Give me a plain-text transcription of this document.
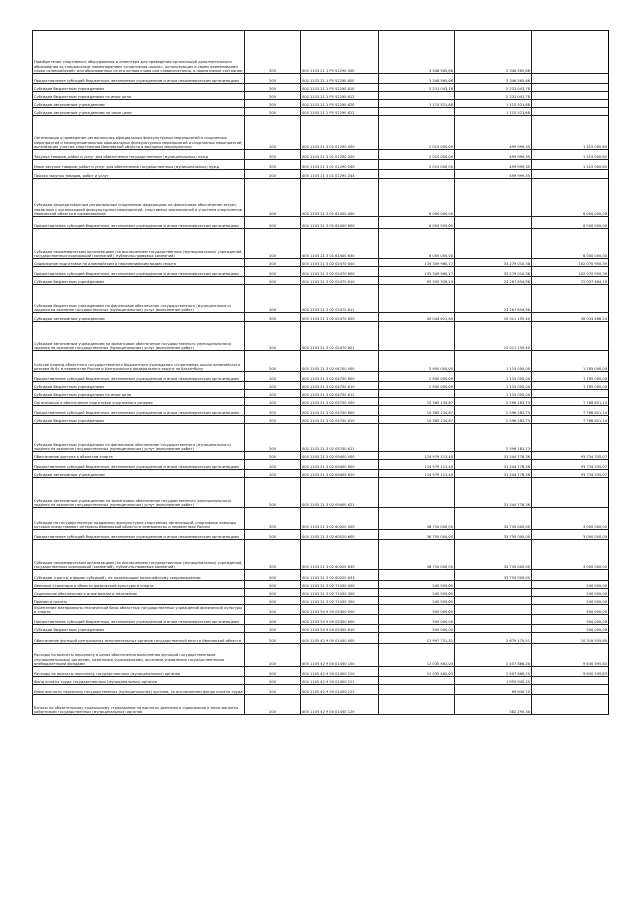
Приобретение спортивного оборудования и инвентаря для приведения организаций дополнительного образования со специальным наименованием «спортивная школа», использующих в своем наименовании слово «олимпийский» или образованных на его основе слова или словосочетания, в нормативное состояние	200	000 1103 21 1 P5 52290 000	3 346 565,66	2 346 565,66	
Предоставление субсидий бюджетным, автономным учреждениям и иным некоммерческим организациям	200	000 1103 21 1 P5 52290 600	3 346 565,66	3 346 565,66	
Субсидии бюджетным учреждениям	200	000 1103 21 1 P5 52290 610	2 231 043,78	2 231 043,78	
Субсидии бюджетным учреждениям на иные цели	200	000 1103 21 1 P5 52290 612		2 231 043,78	
Субсидии автономным учреждениям	200	000 1103 21 1 P5 52290 620	1 115 521,88	1 115 521,88	
Субсидии автономным учреждениям на иные цели	200	000 1103 21 1 P5 52290 622		1 115 521,88	
Организация и проведение региональных официальных физкультурных мероприятий и спортивных мероприятий и межмуниципальных официальных физкультурных мероприятий и спортивных мероприятий, организация участия спортсменов Ивановской области в выездных мероприятиях	200	000 1103 21 3 01 01290 000	2 015 000,00	499 999,35	1 515 000,65
Закупка товаров, работ и услуг для обеспечения государственных (муниципальных) нужд	200	000 1103 21 3 01 01290 200	2 015 000,00	499 999,35	1 515 000,65
Иные закупки товаров, работ и услуг для обеспечения государственных (муниципальных) нужд	200	000 1103 21 3 01 01290 240	2 015 000,00	499 999,35	1 515 000,65
Прочая закупка товаров, работ и услуг	200	000 1103 21 3 01 01290 244		499 999,35	
Субсидии аккредитованным региональным спортивным федерациям на финансовое обеспечение затрат, связанных с организацией физкультурных мероприятий, спортивных мероприятий и участием спортсменов Ивановской области в соревнованиях	200	000 1103 21 3 01 61400 000	8 000 000,00		8 000 000,00
Предоставление субсидий бюджетным, автономным учреждениям и иным некоммерческим организациям	200	000 1103 21 3 01 61400 600	8 000 000,00		8 000 000,00
Субсидии некоммерческим организациям (за исключением государственных (муниципальных) учреждений, государственных корпораций (компаний), публично-правовых компаний)	200	000 1103 21 3 01 61400 630	8 000 000,00		8 000 000,00
Содержание подготовки по олимпийским и неолимпийским видам спорта	200	000 1103 21 3 02 02470 000	135 349 960,77	33 279 010,38	102 070 950,39
Предоставление субсидий бюджетным, автономным учреждениям и иным некоммерческим организациям	200	000 1103 21 3 02 02470 600	135 349 960,77	33 279 010,38	102 070 950,39
Субсидии бюджетным учреждениям	200	000 1103 21 3 02 02470 610	95 305 339,13	23 267 854,98	72 037 484,15
Субсидии бюджетным учреждениям на финансовое обеспечение государственного (муниципального) задания на оказание государственных (муниципальных) услуг (выполнение работ)	200	000 1103 21 3 02 02470 611		23 267 854,98	
Субсидии автономным учреждениям	200	000 1103 21 3 02 02470 620	40 044 621,64	10 011 155,40	30 033 466,24
Субсидии автономным учреждениям на финансовое обеспечение государственного (муниципального) задания на оказание государственных (муниципальных) услуг (выполнение работ)	200	000 1103 21 3 02 02470 621		10 011 155,40	
Участие команд областного государственного бюджетного учреждения «Спортивная школа олимпийского резерва № 6» в первенстве России и Центрального федерального округа по баскетболу	200	000 1103 21 3 02 04700 000	2 900 000,00	1 115 000,00	1 785 000,00
Предоставление субсидий бюджетным, автономным учреждениям и иным некоммерческим организациям	200	000 1103 21 3 02 04700 600	2 900 000,00	1 115 000,00	1 785 000,00
Субсидии бюджетным учреждениям	200	000 1103 21 3 02 04700 610	2 900 000,00	1 115 000,00	1 785 000,00
Субсидии бюджетным учреждениям на иные цели	200	000 1103 21 3 02 04700 612		1 115 000,00	
Организация и обеспечение подготовки спортивного резерва	200	000 1103 21 3 02 05700 000	10 365 134,87	2 596 283,73	7 768 851,14
Предоставление субсидий бюджетным, автономным учреждениям и иным некоммерческим организациям	200	000 1103 21 3 02 05700 600	10 365 134,87	2 596 283,73	7 768 851,14
Субсидии бюджетным учреждениям	200	000 1103 21 3 02 05700 610	10 365 134,87	2 596 283,73	7 768 851,14
Субсидии бюджетным учреждениям на финансовое обеспечение государственного (муниципального) задания на оказание государственных (муниципальных) услуг (выполнение работ)	200	000 1103 21 3 02 05700 611		2 596 283,73	
Обеспечение доступа к объектам спорта	200	000 1103 21 3 02 09400 000	124 979 113,40	31 244 778,36	93 734 335,07
Предоставление субсидий бюджетным, автономным учреждениям и иным некоммерческим организациям	200	000 1103 21 3 02 09400 600	124 979 113,40	31 244 778,36	93 734 335,07
Субсидии автономным учреждениям	200	000 1103 21 3 02 09400 620	124 979 113,40	31 244 778,36	93 734 335,07
Субсидии автономным учреждениям на финансовое обеспечение государственного (муниципального) задания на оказание государственных (муниципальных) услуг (выполнение работ)	200	000 1103 21 3 02 09400 621		31 244 778,36	
Субсидии на государственную поддержку физкультурно-спортивных организаций, спортивные команды которых представляют интересы Ивановской области в чемпионатах и первенствах России	200	000 1103 21 3 02 60020 000	36 750 000,00	33 750 000,00	3 000 000,00
Предоставление субсидий бюджетным, автономным учреждениям и иным некоммерческим организациям	200	000 1103 21 3 02 60020 600	36 750 000,00	33 750 000,00	3 000 000,00
Субсидии некоммерческим организациям (за исключением государственных (муниципальных) учреждений, государственных корпораций (компаний), публично-правовых компаний)	200	000 1103 21 3 02 60020 630	36 750 000,00	33 750 000,00	3 000 000,00
Субсидии (гранты в форме субсидий), не подлежащие казначейскому сопровождению	200	000 1103 21 3 02 60020 633		33 750 000,00	
Именные стипендии в области физической культуры и спорта	200	000 1103 21 3 02 71030 000	240 000,00		240 000,00
Социальное обеспечение и иные выплаты населению	200	000 1103 21 3 02 71030 300	240 000,00		240 000,00
Премии и гранты	200	000 1103 21 3 02 71030 350	240 000,00		240 000,00
Укрепление материально-технической базы областных государственных учреждений физической культуры и спорта	200	000 1103 50 9 00 05300 000	500 000,00		500 000,00
Предоставление субсидий бюджетным, автономным учреждениям и иным некоммерческим организациям	200	000 1103 50 9 00 05300 600	500 000,00		500 000,00
Субсидии бюджетным учреждениям	200	000 1103 50 9 00 05300 610	500 000,00		500 000,00
Обеспечение функций центральных исполнительных органов государственной власти Ивановской области	200	000 1105 42 9 00 01450 000	12 997 731,31	2 679 175,51	10 318 555,80
Расходы на выплаты персоналу в целях обеспечения выполнения функций государственными (муниципальными) органами, казенными учреждениями, органами управления государственными внебюджетными фондами	200	000 1105 42 9 00 01450 100	12 035 462,03	2 407 866,20	9 630 595,83
Расходы на выплаты персоналу государственных (муниципальных) органов	200	000 1105 42 9 00 01450 120	12 035 462,03	2 407 866,20	9 630 595,83
Фонд оплаты труда государственных (муниципальных) органов	200	000 1105 42 9 00 01450 121		1 955 940,20	
Иные выплаты персоналу государственных (муниципальных) органов, за исключением фонда оплаты труда	200	000 1105 42 9 00 01450 122		69 630,70	
Взносы по обязательному социальному страхованию на выплаты денежного содержания и иные выплаты работникам государственных (муниципальных) органов	200	000 1105 42 9 00 01450 129		382 295,30	
